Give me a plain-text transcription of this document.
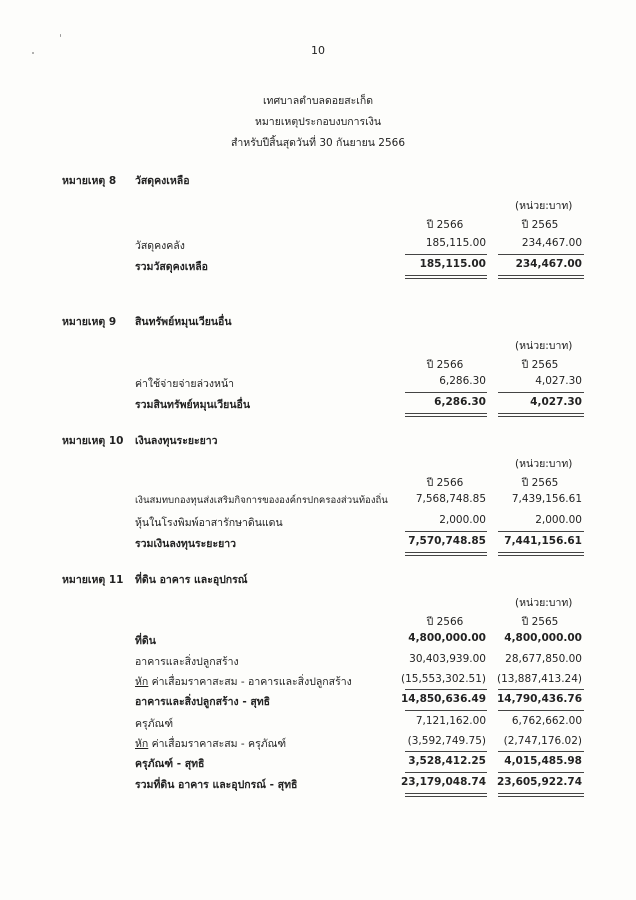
10
เทศบาลตำบลดอยสะเก็ด
หมายเหตุประกอบงบการเงิน
สำหรับปีสิ้นสุดวันที่ 30 กันยายน 2566
หมายเหตุ 8 วัสดุคงเหลือ
(หน่วย:บาท)
ปี 2566	ปี 2565
วัสดุคงคลัง	185,115.00	234,467.00
รวมวัสดุคงเหลือ	185,115.00	234,467.00
หมายเหตุ 9 สินทรัพย์หมุนเวียนอื่น
(หน่วย:บาท)
ปี 2566	ปี 2565
ค่าใช้จ่ายจ่ายล่วงหน้า	6,286.30	4,027.30
รวมสินทรัพย์หมุนเวียนอื่น	6,286.30	4,027.30
หมายเหตุ 10 เงินลงทุนระยะยาว
(หน่วย:บาท)
ปี 2566	ปี 2565
เงินสมทบกองทุนส่งเสริมกิจการขององค์กรปกครองส่วนท้องถิ่น	7,568,748.85	7,439,156.61
หุ้นในโรงพิมพ์อาสารักษาดินแดน	2,000.00	2,000.00
รวมเงินลงทุนระยะยาว	7,570,748.85	7,441,156.61
หมายเหตุ 11 ที่ดิน อาคาร และอุปกรณ์
(หน่วย:บาท)
ปี 2566	ปี 2565
ที่ดิน	4,800,000.00	4,800,000.00
อาคารและสิ่งปลูกสร้าง	30,403,939.00	28,677,850.00
หัก ค่าเสื่อมราคาสะสม - อาคารและสิ่งปลูกสร้าง	(15,553,302.51)	(13,887,413.24)
อาคารและสิ่งปลูกสร้าง - สุทธิ	14,850,636.49	14,790,436.76
ครุภัณฑ์	7,121,162.00	6,762,662.00
หัก ค่าเสื่อมราคาสะสม - ครุภัณฑ์	(3,592,749.75)	(2,747,176.02)
ครุภัณฑ์ - สุทธิ	3,528,412.25	4,015,485.98
รวมที่ดิน อาคาร และอุปกรณ์ - สุทธิ	23,179,048.74	23,605,922.74
